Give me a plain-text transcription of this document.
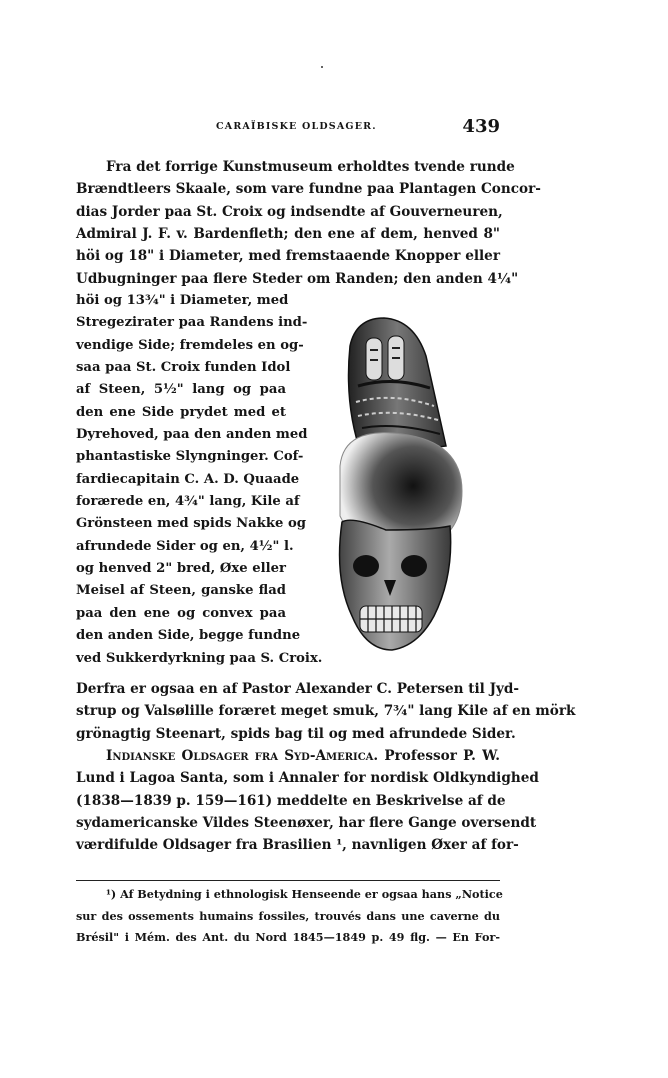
CARAÏBISKE OLDSAGER.	439
Fra det forrige Kunstmuseum erholdtes tvende runde
Brændtleers Skaale, som vare fundne paa Plantagen Concor-
dias Jorder paa St. Croix og indsendte af Gouverneuren,
Admiral J. F. v. Bardenfleth; den ene af dem, henved 8"
höi og 18" i Diameter, med fremstaaende Knopper eller
Udbugninger paa flere Steder om Randen; den anden 4¼"
höi og 13¾" i Diameter, med
Stregezirater paa Randens ind-
vendige Side; fremdeles en og-
saa paa St. Croix funden Idol
af Steen, 5½" lang og paa
den ene Side prydet med et
Dyrehoved, paa den anden med
phantastiske Slyngninger. Cof-
fardiecapitain C. A. D. Quaade
forærede en, 4¾" lang, Kile af
Grönsteen med spids Nakke og
afrundede Sider og en, 4½" l.
og henved 2" bred, Øxe eller
Meisel af Steen, ganske flad
paa den ene og convex paa
den anden Side, begge fundne
ved Sukkerdyrkning paa S. Croix.
Derfra er ogsaa en af Pastor Alexander C. Petersen til Jyd-
strup og Valsølille foræret meget smuk, 7¾" lang Kile af en mörk
grönagtig Steenart, spids bag til og med afrundede Sider.
Indianske Oldsager fra Syd-America. Professor P. W.
Lund i Lagoa Santa, som i Annaler for nordisk Oldkyndighed
(1838—1839 p. 159—161) meddelte en Beskrivelse af de
sydamericanske Vildes Steenøxer, har flere Gange oversendt
værdifulde Oldsager fra Brasilien ¹, navnligen Øxer af for-
¹) Af Betydning i ethnologisk Henseende er ogsaa hans „Notice
sur des ossements humains fossiles, trouvés dans une caverne du
Brésil" i Mém. des Ant. du Nord 1845—1849 p. 49 flg. — En For-
